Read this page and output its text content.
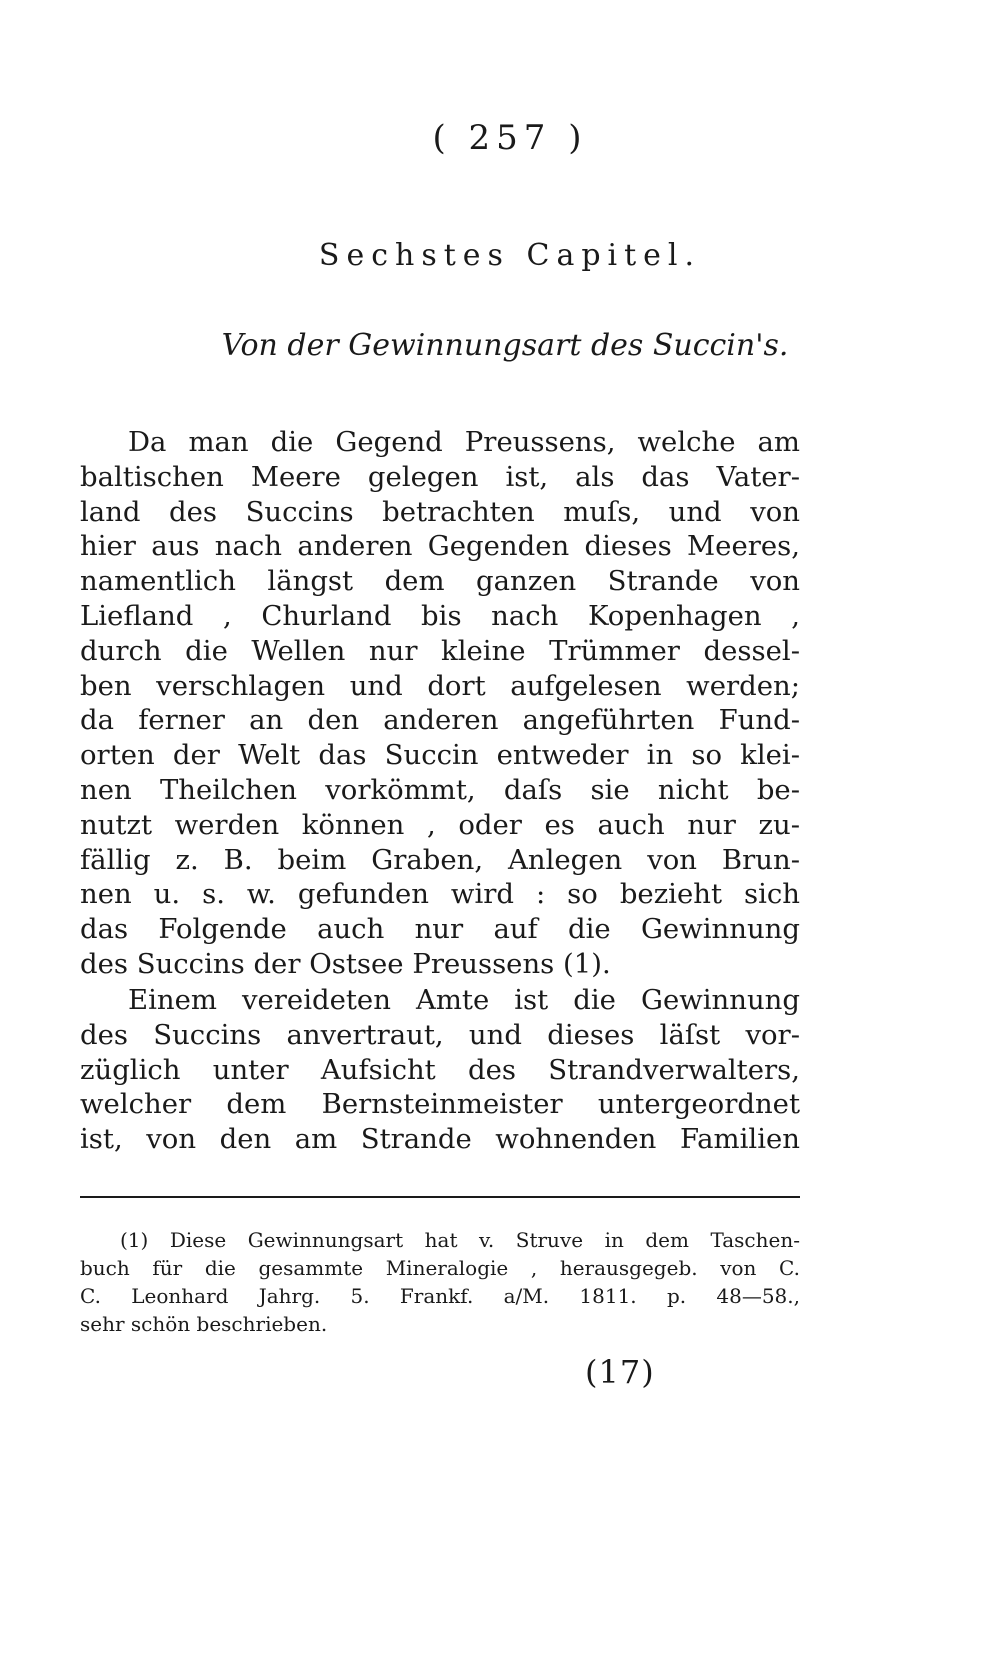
( 257 )
Sechstes Capitel.
Von der Gewinnungsart des Succin's.
Da man die Gegend Preussens, welche am
baltischen Meere gelegen ist, als das Vater-
land des Succins betrachten muſs, und von
hier aus nach anderen Gegenden dieses Meeres,
namentlich längst dem ganzen Strande von
Liefland , Churland bis nach Kopenhagen ,
durch die Wellen nur kleine Trümmer dessel-
ben verschlagen und dort aufgelesen werden;
da ferner an den anderen angeführten Fund-
orten der Welt das Succin entweder in so klei-
nen Theilchen vorkömmt, daſs sie nicht be-
nutzt werden können , oder es auch nur zu-
fällig z. B. beim Graben, Anlegen von Brun-
nen u. s. w. gefunden wird : so bezieht sich
das Folgende auch nur auf die Gewinnung
des Succins der Ostsee Preussens (1).
Einem vereideten Amte ist die Gewinnung
des Succins anvertraut, und dieses läſst vor-
züglich unter Aufsicht des Strandverwalters,
welcher dem Bernsteinmeister untergeordnet
ist, von den am Strande wohnenden Familien
(1) Diese Gewinnungsart hat v. Struve in dem Taschen-
buch für die gesammte Mineralogie , herausgegeb. von C.
C. Leonhard Jahrg. 5. Frankf. a/M. 1811. p. 48—58.,
sehr schön beschrieben.
(17)
